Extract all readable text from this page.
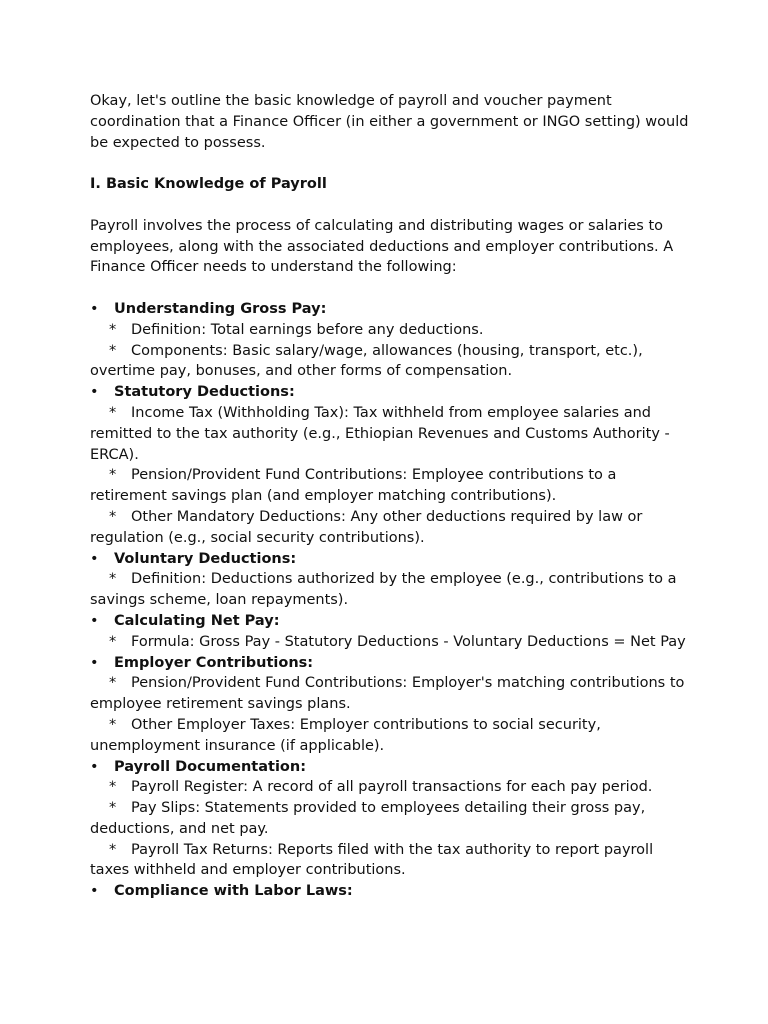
Okay, let's outline the basic knowledge of payroll and voucher payment coordination that a Finance Officer (in either a government or INGO setting) would be expected to possess.

I. Basic Knowledge of Payroll

Payroll involves the process of calculating and distributing wages or salaries to employees, along with the associated deductions and employer contributions. A Finance Officer needs to understand the following:

• Understanding Gross Pay:

* Definition: Total earnings before any deductions.

* Components: Basic salary/wage, allowances (housing, transport, etc.), overtime pay, bonuses, and other forms of compensation.

• Statutory Deductions:

* Income Tax (Withholding Tax): Tax withheld from employee salaries and remitted to the tax authority (e.g., Ethiopian Revenues and Customs Authority - ERCA).

* Pension/Provident Fund Contributions: Employee contributions to a retirement savings plan (and employer matching contributions).

* Other Mandatory Deductions: Any other deductions required by law or regulation (e.g., social security contributions).

• Voluntary Deductions:

* Definition: Deductions authorized by the employee (e.g., contributions to a savings scheme, loan repayments).

• Calculating Net Pay:

* Formula: Gross Pay - Statutory Deductions - Voluntary Deductions = Net Pay

• Employer Contributions:

* Pension/Provident Fund Contributions: Employer's matching contributions to employee retirement savings plans.

* Other Employer Taxes: Employer contributions to social security, unemployment insurance (if applicable).

• Payroll Documentation:

* Payroll Register: A record of all payroll transactions for each pay period.

* Pay Slips: Statements provided to employees detailing their gross pay, deductions, and net pay.

* Payroll Tax Returns: Reports filed with the tax authority to report payroll taxes withheld and employer contributions.

• Compliance with Labor Laws:
